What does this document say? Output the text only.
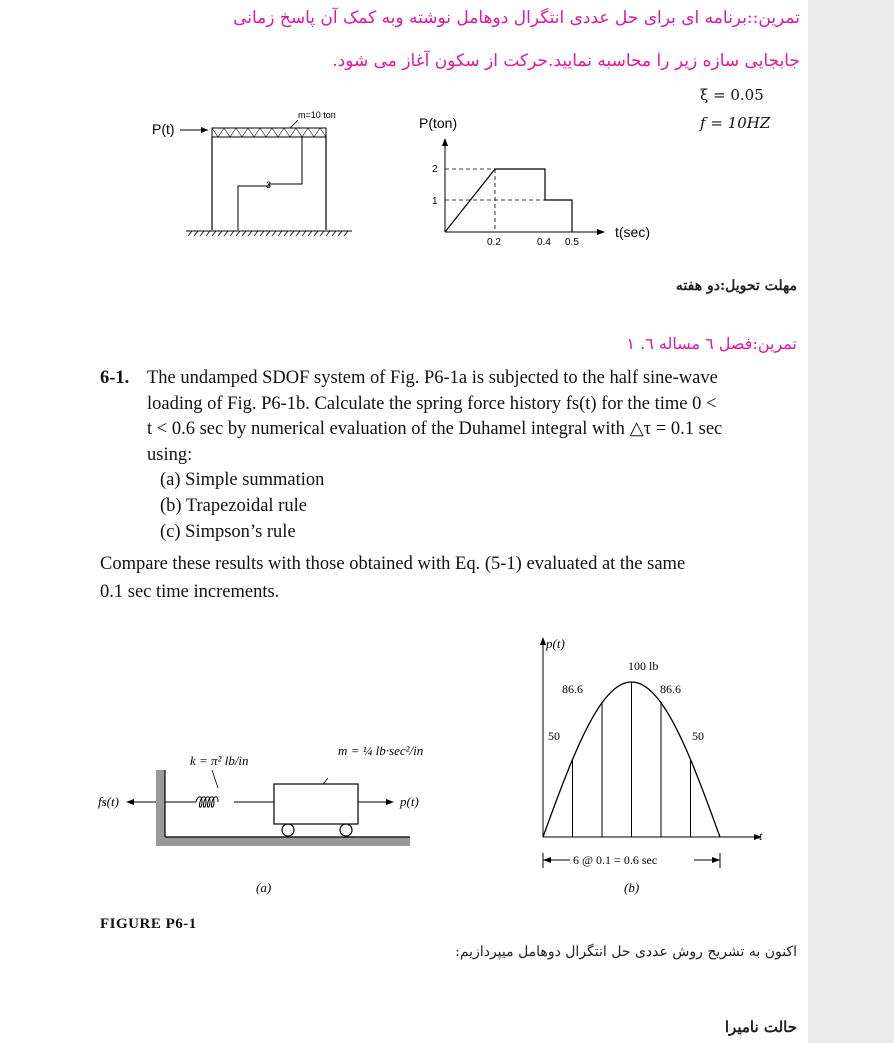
تمرین::برنامه ای برای حل عددی انتگرال دوهامل نوشته وبه کمک آن پاسخ زمانی
جابجایی سازه زیر را محاسبه نمایید.حرکت از سکون آغاز می شود.
ξ = 0.05
f = 10HZ
P(t)
m=10 ton
3
P(ton)
t(sec)
2
1
0.2	0.4 0.5
مهلت تحویل:دو هفته
تمرین:فصل ٦ مساله ٦. ١
6-1. The undamped SDOF system of Fig. P6-1a is subjected to the half sine-wave
loading of Fig. P6-1b. Calculate the spring force history fs(t) for the time 0 <
t < 0.6 sec by numerical evaluation of the Duhamel integral with △τ = 0.1 sec
using:
(a) Simple summation
(b) Trapezoidal rule
(c) Simpson’s rule
Compare these results with those obtained with Eq. (5-1) evaluated at the same
0.1 sec time increments.
k = π² lb/in
m = ¼ lb·sec²/in
fs(t)	p(t)
(a)
p(t)
t
100 lb
86.6	86.6
50	50
6 @ 0.1 = 0.6 sec
(b)
FIGURE P6-1
اکنون به تشریح روش عددی حل انتگرال دوهامل میپردازیم:
حالت نامیرا
